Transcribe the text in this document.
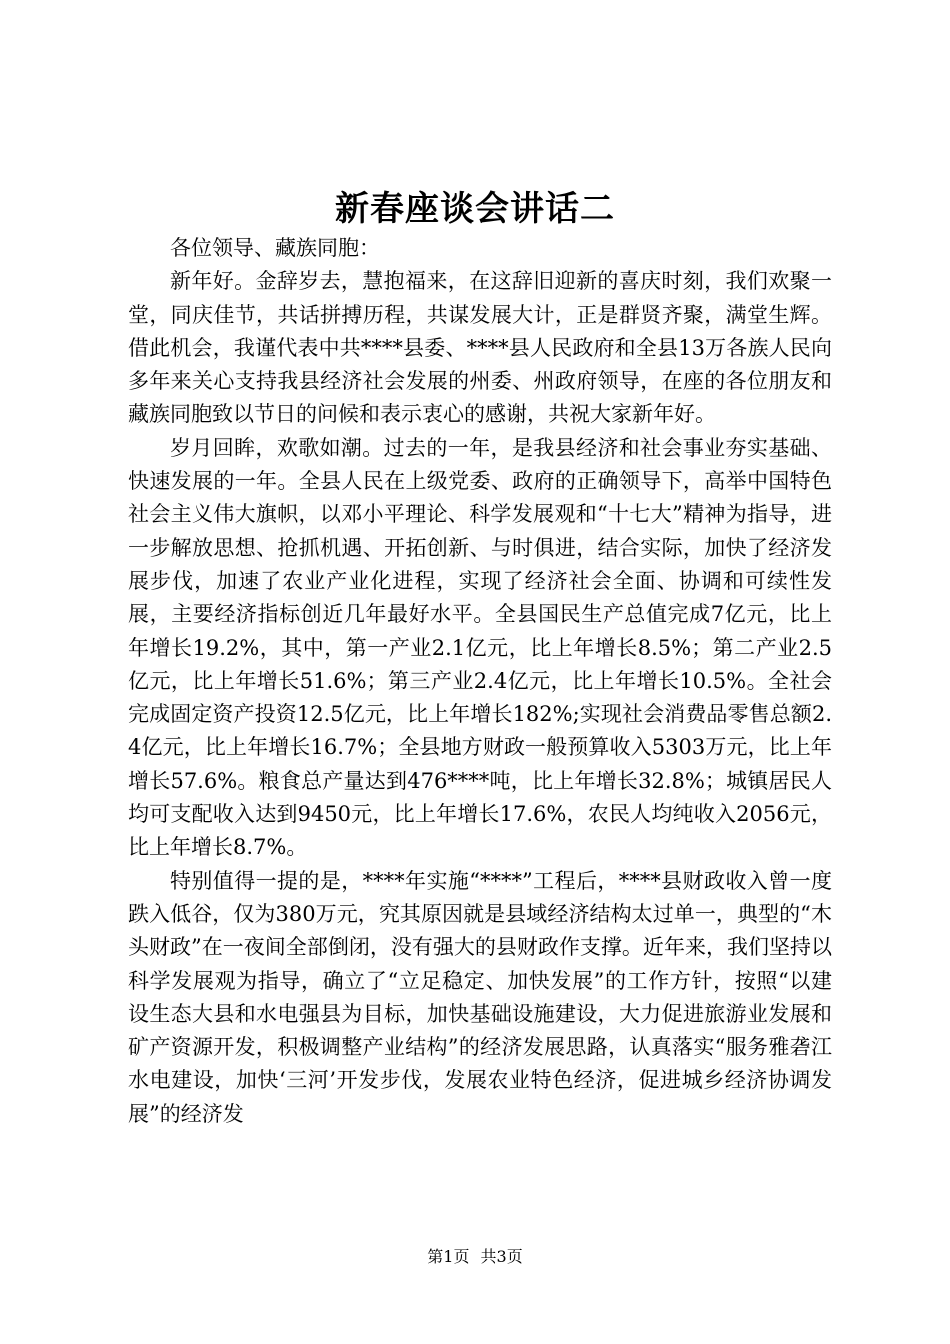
新春座谈会讲话二

各位领导、藏族同胞：

新年好。金辞岁去，慧抱福来，在这辞旧迎新的喜庆时刻，我们欢聚一堂，同庆佳节，共话拼搏历程，共谋发展大计，正是群贤齐聚，满堂生辉。借此机会，我谨代表中共****县委、****县人民政府和全县13万各族人民向多年来关心支持我县经济社会发展的州委、州政府领导，在座的各位朋友和藏族同胞致以节日的问候和表示衷心的感谢，共祝大家新年好。

岁月回眸，欢歌如潮。过去的一年，是我县经济和社会事业夯实基础、快速发展的一年。全县人民在上级党委、政府的正确领导下，高举中国特色社会主义伟大旗帜，以邓小平理论、科学发展观和“十七大”精神为指导，进一步解放思想、抢抓机遇、开拓创新、与时俱进，结合实际，加快了经济发展步伐，加速了农业产业化进程，实现了经济社会全面、协调和可续性发展，主要经济指标创近几年最好水平。全县国民生产总值完成7亿元，比上年增长19.2%，其中，第一产业2.1亿元，比上年增长8.5%；第二产业2.5亿元，比上年增长51.6%；第三产业2.4亿元，比上年增长10.5%。全社会完成固定资产投资12.5亿元，比上年增长182%;实现社会消费品零售总额2.4亿元，比上年增长16.7%；全县地方财政一般预算收入5303万元，比上年增长57.6%。粮食总产量达到476****吨，比上年增长32.8%；城镇居民人均可支配收入达到9450元，比上年增长17.6%，农民人均纯收入2056元，比上年增长8.7%。

特别值得一提的是，****年实施“****”工程后，****县财政收入曾一度跌入低谷，仅为380万元，究其原因就是县域经济结构太过单一，典型的“木头财政”在一夜间全部倒闭，没有强大的县财政作支撑。近年来，我们坚持以科学发展观为指导，确立了“立足稳定、加快发展”的工作方针，按照“以建设生态大县和水电强县为目标，加快基础设施建设，大力促进旅游业发展和矿产资源开发，积极调整产业结构”的经济发展思路，认真落实“服务雅砻江水电建设，加快‘三河’开发步伐，发展农业特色经济，促进城乡经济协调发展”的经济发

第1页 共3页
